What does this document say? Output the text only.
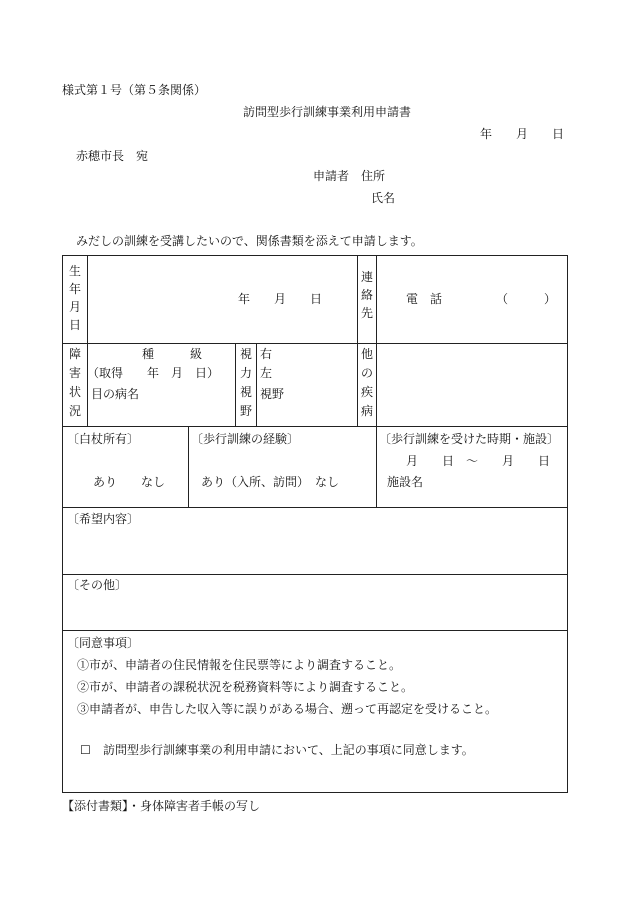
様式第１号（第５条関係）
訪問型歩行訓練事業利用申請書
年　　月　　日
赤穂市長　宛
申請者　住所
氏名
みだしの訓練を受講したいので、関係書類を添えて申請します。
生
年
月
日
年　　月　　日
連
絡
先
電　話	（　　　）
障
害
状
況
種　　　級
（取得　　年　月　日）
目の病名
視
力
視
野
右
左
視野
他
の
疾
病
〔白杖所有〕
あり　　なし
〔歩行訓練の経験〕
あり（入所、訪問）　なし
〔歩行訓練を受けた時期・施設〕
月　　日　～　　月　　日
施設名
〔希望内容〕
〔その他〕
〔同意事項〕
①市が、申請者の住民情報を住民票等により調査すること。
②市が、申請者の課税状況を税務資料等により調査すること。
③申請者が、申告した収入等に誤りがある場合、遡って再認定を受けること。
☐ 訪問型歩行訓練事業の利用申請において、上記の事項に同意します。
【添付書類】・身体障害者手帳の写し
